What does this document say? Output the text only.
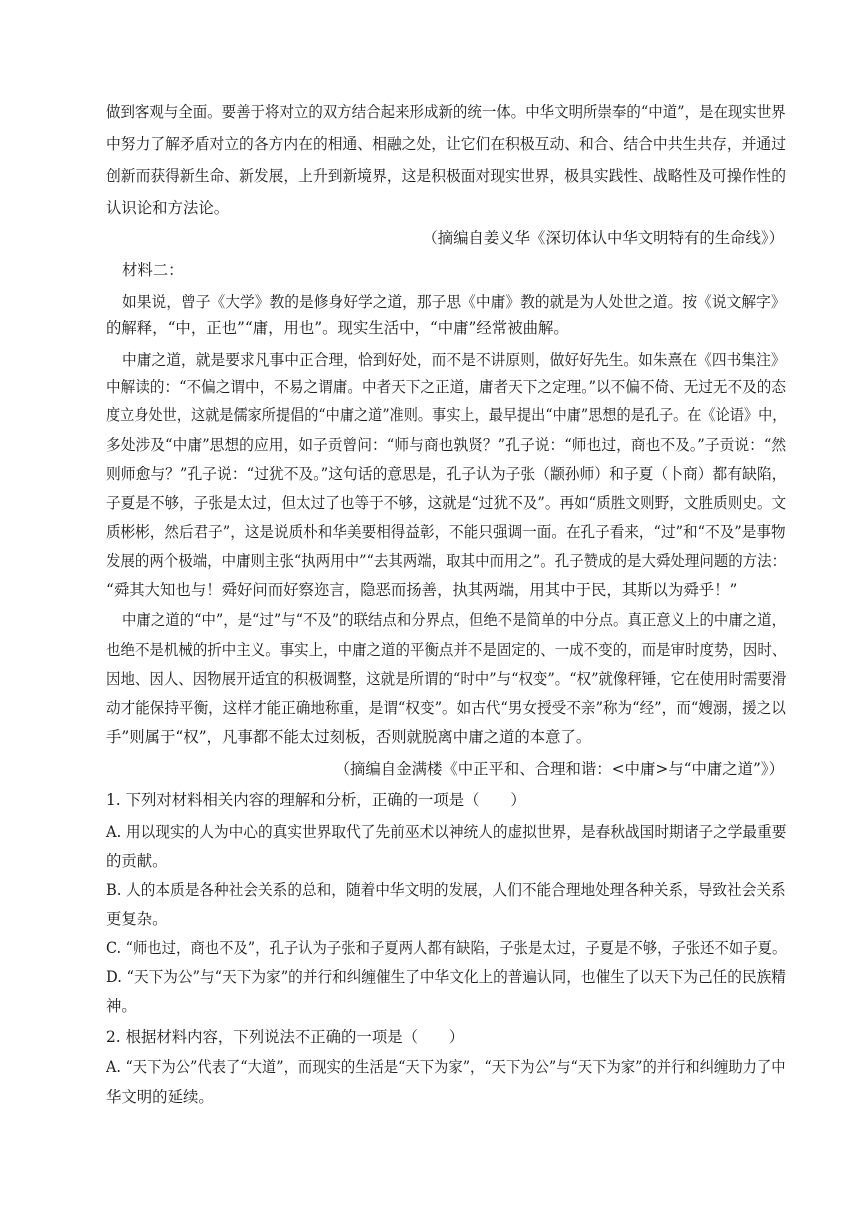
做到客观与全面。要善于将对立的双方结合起来形成新的统一体。中华文明所崇奉的“中道”，是在现实世界
中努力了解矛盾对立的各方内在的相通、相融之处，让它们在积极互动、和合、结合中共生共存，并通过
创新而获得新生命、新发展，上升到新境界，这是积极面对现实世界，极具实践性、战略性及可操作性的
认识论和方法论。
（摘编自姜义华《深切体认中华文明特有的生命线》）
材料二：
如果说，曾子《大学》教的是修身好学之道，那子思《中庸》教的就是为人处世之道。按《说文解字》
的解释，“中，正也”“庸，用也”。现实生活中，“中庸”经常被曲解。
中庸之道，就是要求凡事中正合理，恰到好处，而不是不讲原则，做好好先生。如朱熹在《四书集注》
中解读的：“不偏之谓中，不易之谓庸。中者天下之正道，庸者天下之定理。”以不偏不倚、无过无不及的态
度立身处世，这就是儒家所提倡的“中庸之道”准则。事实上，最早提出“中庸”思想的是孔子。在《论语》中，
多处涉及“中庸”思想的应用，如子贡曾问：“师与商也孰贤？”孔子说：“师也过，商也不及。”子贡说：“然
则师愈与？”孔子说：“过犹不及。”这句话的意思是，孔子认为子张（颛孙师）和子夏（卜商）都有缺陷，
子夏是不够，子张是太过，但太过了也等于不够，这就是“过犹不及”。再如“质胜文则野，文胜质则史。文
质彬彬，然后君子”，这是说质朴和华美要相得益彰，不能只强调一面。在孔子看来，“过”和“不及”是事物
发展的两个极端，中庸则主张“执两用中”“去其两端，取其中而用之”。孔子赞成的是大舜处理问题的方法：
“舜其大知也与！舜好问而好察迩言，隐恶而扬善，执其两端，用其中于民，其斯以为舜乎！”
中庸之道的“中”，是“过”与“不及”的联结点和分界点，但绝不是简单的中分点。真正意义上的中庸之道，
也绝不是机械的折中主义。事实上，中庸之道的平衡点并不是固定的、一成不变的，而是审时度势，因时、
因地、因人、因物展开适宜的积极调整，这就是所谓的“时中”与“权变”。“权”就像秤锤，它在使用时需要滑
动才能保持平衡，这样才能正确地称重，是谓“权变”。如古代“男女授受不亲”称为“经”，而“嫂溺，援之以
手”则属于“权”，凡事都不能太过刻板，否则就脱离中庸之道的本意了。
（摘编自金满楼《中正平和、合理和谐：<中庸>与“中庸之道”》）
1. 下列对材料相关内容的理解和分析，正确的一项是（　　）
A. 用以现实的人为中心的真实世界取代了先前巫术以神统人的虚拟世界，是春秋战国时期诸子之学最重要
的贡献。
B. 人的本质是各种社会关系的总和，随着中华文明的发展，人们不能合理地处理各种关系，导致社会关系
更复杂。
C. “师也过，商也不及”，孔子认为子张和子夏两人都有缺陷，子张是太过，子夏是不够，子张还不如子夏。
D. “天下为公”与“天下为家”的并行和纠缠催生了中华文化上的普遍认同，也催生了以天下为己任的民族精
神。
2. 根据材料内容，下列说法不正确的一项是（　　）
A. “天下为公”代表了“大道”，而现实的生活是“天下为家”，“天下为公”与“天下为家”的并行和纠缠助力了中
华文明的延续。
